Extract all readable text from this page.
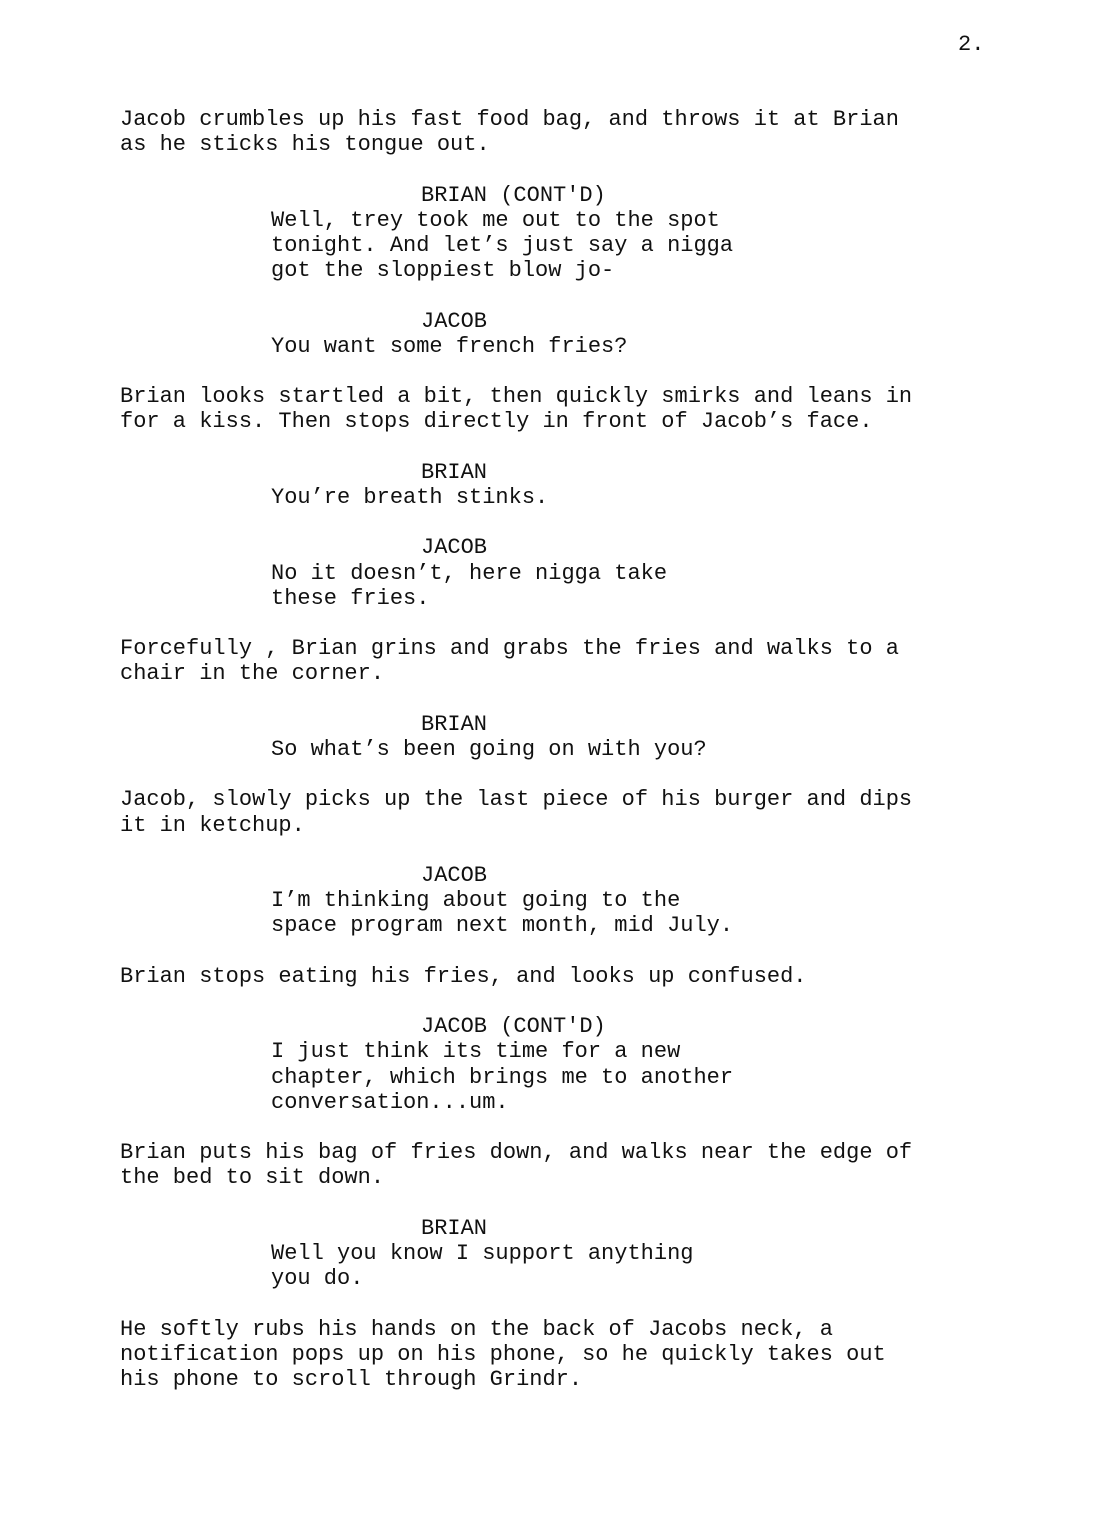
2.
Jacob crumbles up his fast food bag, and throws it at Brian
as he sticks his tongue out.
BRIAN (CONT'D)
Well, trey took me out to the spot
tonight. And let’s just say a nigga
got the sloppiest blow jo-
JACOB
You want some french fries?
Brian looks startled a bit, then quickly smirks and leans in
for a kiss. Then stops directly in front of Jacob’s face.
BRIAN
You’re breath stinks.
JACOB
No it doesn’t, here nigga take
these fries.
Forcefully , Brian grins and grabs the fries and walks to a
chair in the corner.
BRIAN
So what’s been going on with you?
Jacob, slowly picks up the last piece of his burger and dips
it in ketchup.
JACOB
I’m thinking about going to the
space program next month, mid July.
Brian stops eating his fries, and looks up confused.
JACOB (CONT'D)
I just think its time for a new
chapter, which brings me to another
conversation...um.
Brian puts his bag of fries down, and walks near the edge of
the bed to sit down.
BRIAN
Well you know I support anything
you do.
He softly rubs his hands on the back of Jacobs neck, a
notification pops up on his phone, so he quickly takes out
his phone to scroll through Grindr.
